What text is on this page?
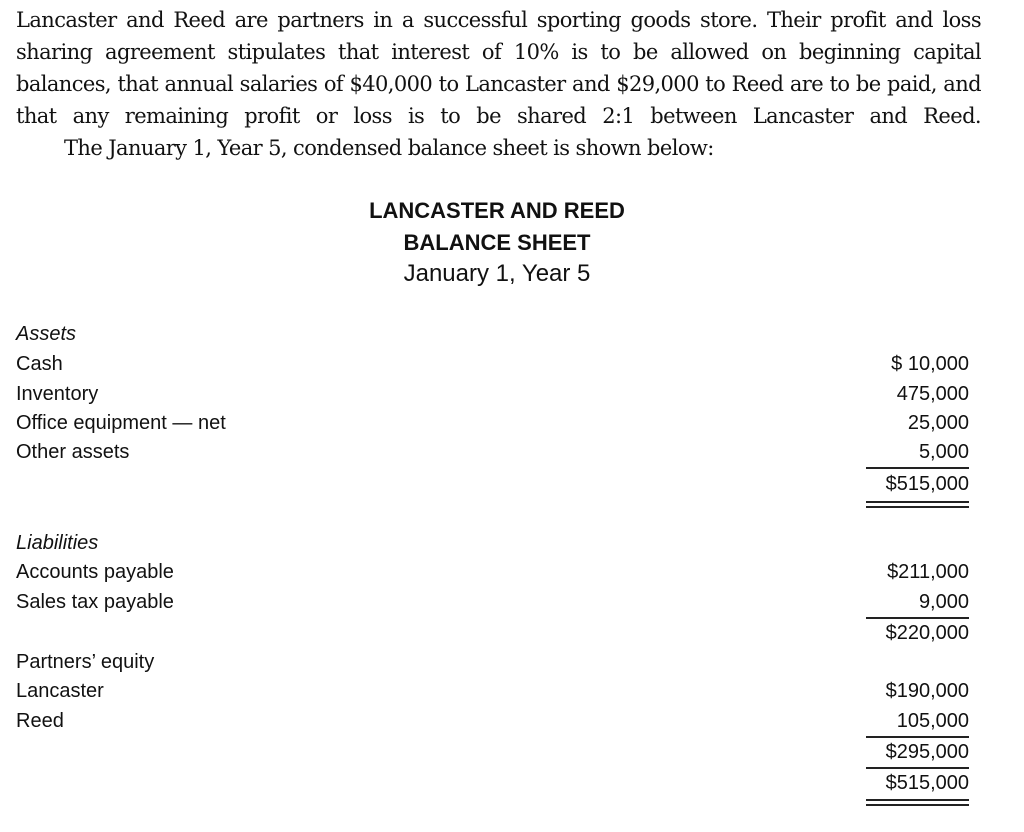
Lancaster and Reed are partners in a successful sporting goods store. Their profit and loss sharing agreement stipulates that interest of 10% is to be allowed on beginning capital balances, that annual salaries of $40,000 to Lancaster and $29,000 to Reed are to be paid, and that any remaining profit or loss is to be shared 2:1 between Lancaster and Reed.
The January 1, Year 5, condensed balance sheet is shown below:
LANCASTER AND REED
BALANCE SHEET
January 1, Year 5
Assets
Cash	$ 10,000
Inventory	475,000
Office equipment — net	25,000
Other assets	5,000
$515,000
Liabilities
Accounts payable	$211,000
Sales tax payable	9,000
$220,000
Partners’ equity
Lancaster	$190,000
Reed	105,000
$295,000
$515,000
